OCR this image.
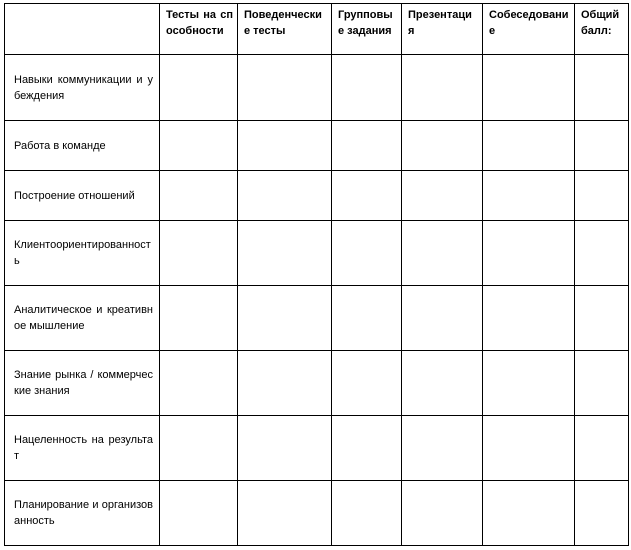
	Тесты на способности	Поведенческие тесты	Групповые задания	Презентация	Собеседование	Общий балл:

Навыки коммуникации и убеждения						

Работа в команде						

Построение отношений						

Клиентоориентированность						

Аналитическое и креативное мышление						

Знание рынка / коммерческие знания						

Нацеленность на результат						

Планирование и организованность						
